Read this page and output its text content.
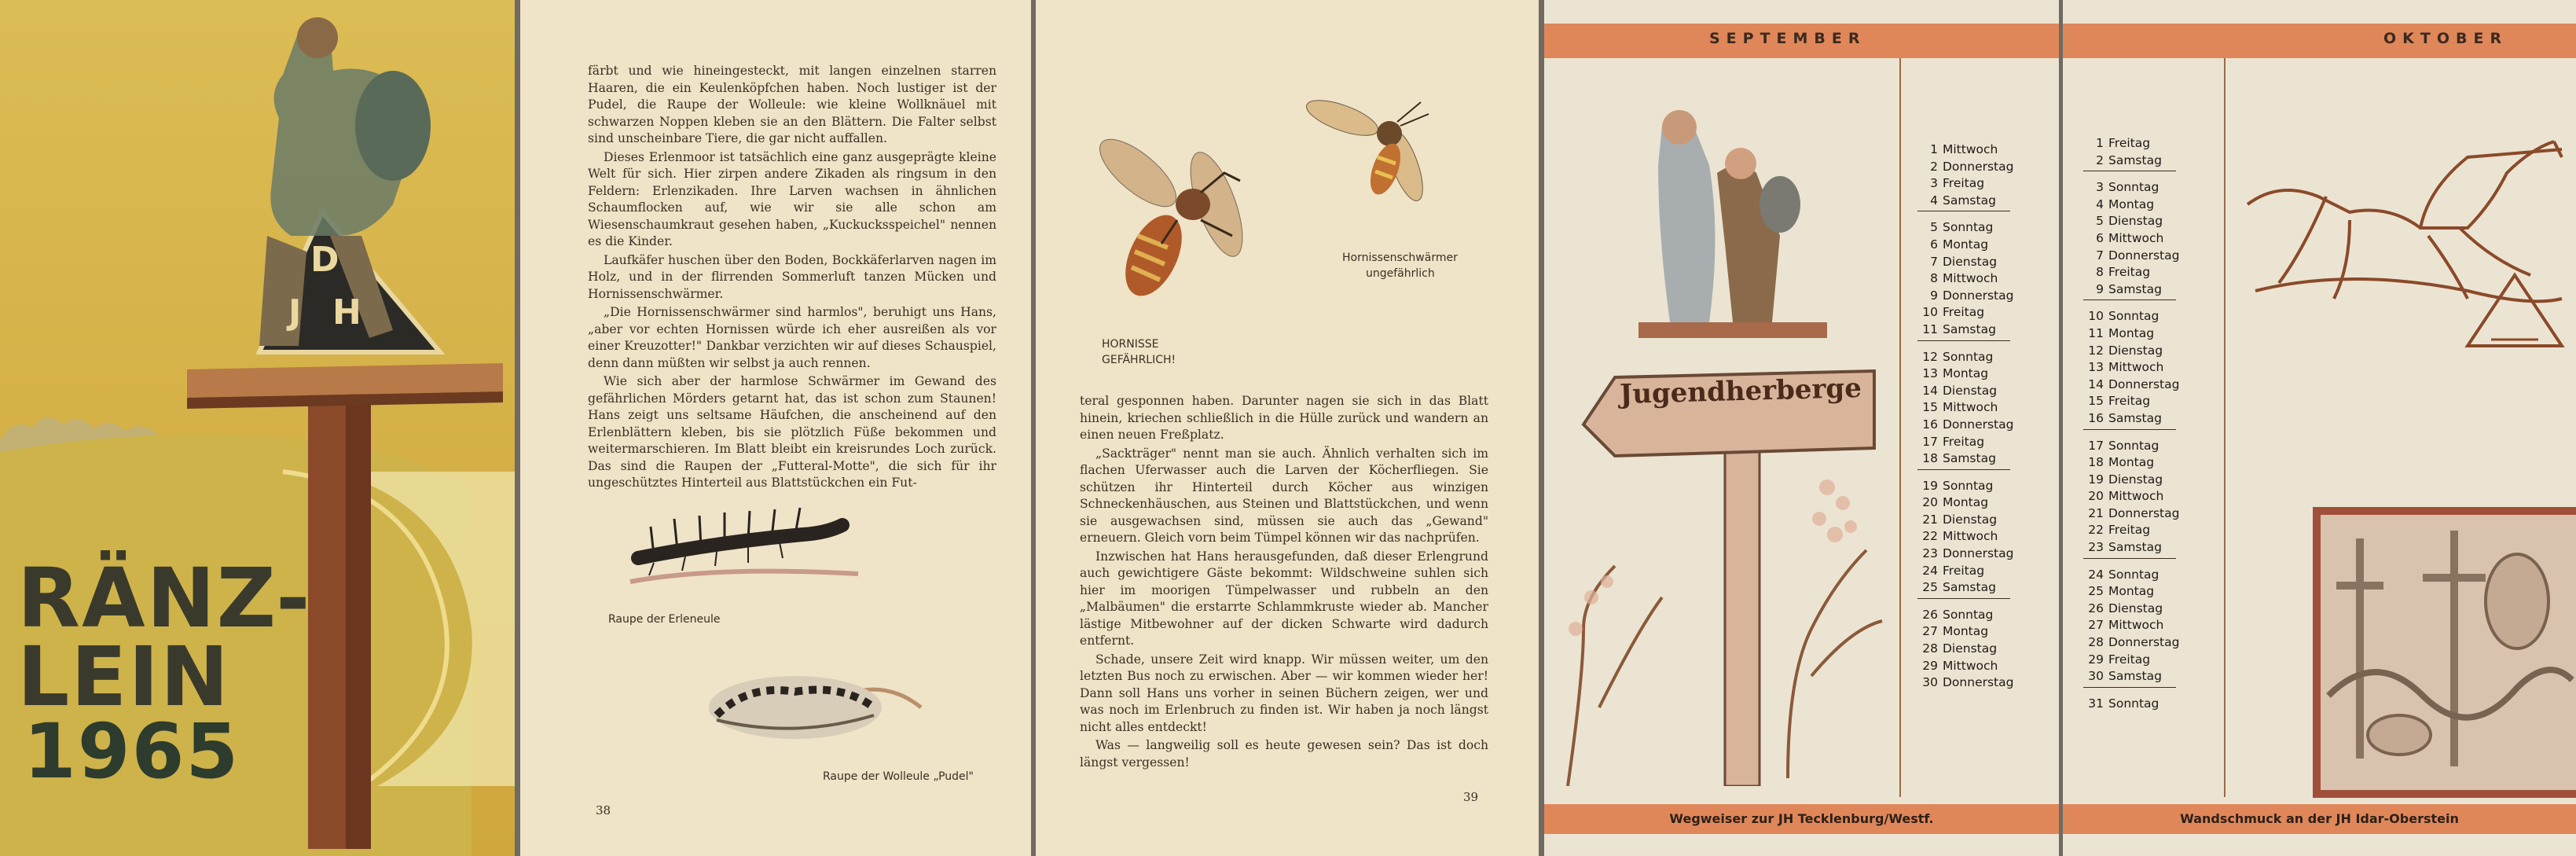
D
J H
RÄNZ-
LEIN
1965

färbt und wie hineingesteckt, mit langen einzelnen starren Haaren, die ein Keulenköpfchen haben. Noch lustiger ist der Pudel, die Raupe der Wolleule: wie kleine Wollknäuel mit schwarzen Noppen kleben sie an den Blättern. Die Falter selbst sind unscheinbare Tiere, die gar nicht auffallen.

Dieses Erlenmoor ist tatsächlich eine ganz ausgeprägte kleine Welt für sich. Hier zirpen andere Zikaden als ringsum in den Feldern: Erlenzikaden. Ihre Larven wachsen in ähnlichen Schaumflocken auf, wie wir sie alle schon am Wiesenschaumkraut gesehen haben, „Kuckucksspeichel" nennen es die Kinder.

Laufkäfer huschen über den Boden, Bockkäferlarven nagen im Holz, und in der flirrenden Sommerluft tanzen Mücken und Hornissenschwärmer.

„Die Hornissenschwärmer sind harmlos", beruhigt uns Hans, „aber vor echten Hornissen würde ich eher ausreißen als vor einer Kreuzotter!" Dankbar verzichten wir auf dieses Schauspiel, denn dann müßten wir selbst ja auch rennen.

Wie sich aber der harmlose Schwärmer im Gewand des gefährlichen Mörders getarnt hat, das ist schon zum Staunen! Hans zeigt uns seltsame Häufchen, die anscheinend auf den Erlenblättern kleben, bis sie plötzlich Füße bekommen und weitermarschieren. Im Blatt bleibt ein kreisrundes Loch zurück. Das sind die Raupen der „Futteral-Motte", die sich für ihr ungeschütztes Hinterteil aus Blattstückchen ein Fut-

Raupe der Erleneule
Raupe der Wolleule „Pudel"
38
HORNISSE
GEFÄHRLICH!
Hornissenschwärmer
ungefährlich

teral gesponnen haben. Darunter nagen sie sich in das Blatt hinein, kriechen schließlich in die Hülle zurück und wandern an einen neuen Freßplatz.

„Sackträger" nennt man sie auch. Ähnlich verhalten sich im flachen Uferwasser auch die Larven der Köcherfliegen. Sie schützen ihr Hinterteil durch Köcher aus winzigen Schneckenhäuschen, aus Steinen und Blattstückchen, und wenn sie ausgewachsen sind, müssen sie auch das „Gewand" erneuern. Gleich vorn beim Tümpel können wir das nachprüfen.

Inzwischen hat Hans herausgefunden, daß dieser Erlengrund auch gewichtigere Gäste bekommt: Wildschweine suhlen sich hier im moorigen Tümpelwasser und rubbeln an den „Malbäumen" die erstarrte Schlammkruste wieder ab. Mancher lästige Mitbewohner auf der dicken Schwarte wird dadurch entfernt.

Schade, unsere Zeit wird knapp. Wir müssen weiter, um den letzten Bus noch zu erwischen. Aber — wir kommen wieder her! Dann soll Hans uns vorher in seinen Büchern zeigen, wer und was noch im Erlenbruch zu finden ist. Wir haben ja noch längst nicht alles entdeckt!

Was — langweilig soll es heute gewesen sein? Das ist doch längst vergessen!

39
SEPTEMBER
Jugendherberge
1 Mittwoch
2 Donnerstag
3 Freitag
4 Samstag
5 Sonntag
6 Montag
7 Dienstag
8 Mittwoch
9 Donnerstag
10 Freitag
11 Samstag
12 Sonntag
13 Montag
14 Dienstag
15 Mittwoch
16 Donnerstag
17 Freitag
18 Samstag
19 Sonntag
20 Montag
21 Dienstag
22 Mittwoch
23 Donnerstag
24 Freitag
25 Samstag
26 Sonntag
27 Montag
28 Dienstag
29 Mittwoch
30 Donnerstag
Wegweiser zur JH Tecklenburg/Westf.
OKTOBER
1 Freitag
2 Samstag
3 Sonntag
4 Montag
5 Dienstag
6 Mittwoch
7 Donnerstag
8 Freitag
9 Samstag
10 Sonntag
11 Montag
12 Dienstag
13 Mittwoch
14 Donnerstag
15 Freitag
16 Samstag
17 Sonntag
18 Montag
19 Dienstag
20 Mittwoch
21 Donnerstag
22 Freitag
23 Samstag
24 Sonntag
25 Montag
26 Dienstag
27 Mittwoch
28 Donnerstag
29 Freitag
30 Samstag
31 Sonntag
Wandschmuck an der JH Idar-Oberstein
